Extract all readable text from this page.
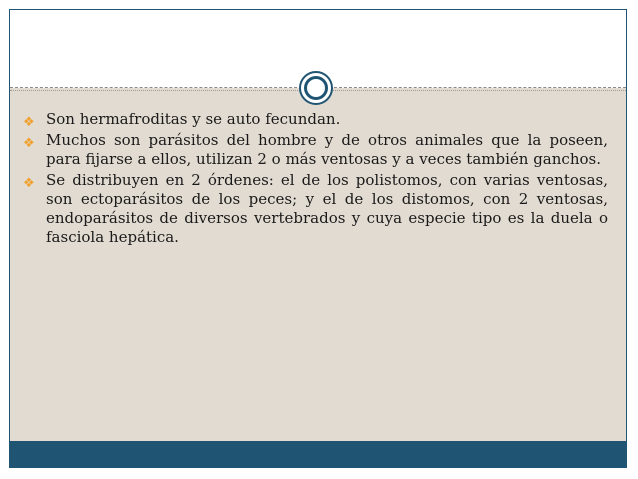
❖ Son hermafroditas y se auto fecundan.
❖ Muchos son parásitos del hombre y de otros animales que la poseen, para fijarse a ellos, utilizan 2 o más ventosas y a veces también ganchos.
❖ Se distribuyen en 2 órdenes: el de los polistomos, con varias ventosas, son ectoparásitos de los peces; y el de los distomos, con 2 ventosas, endoparásitos de diversos vertebrados y cuya especie tipo es la duela o fasciola hepática.
